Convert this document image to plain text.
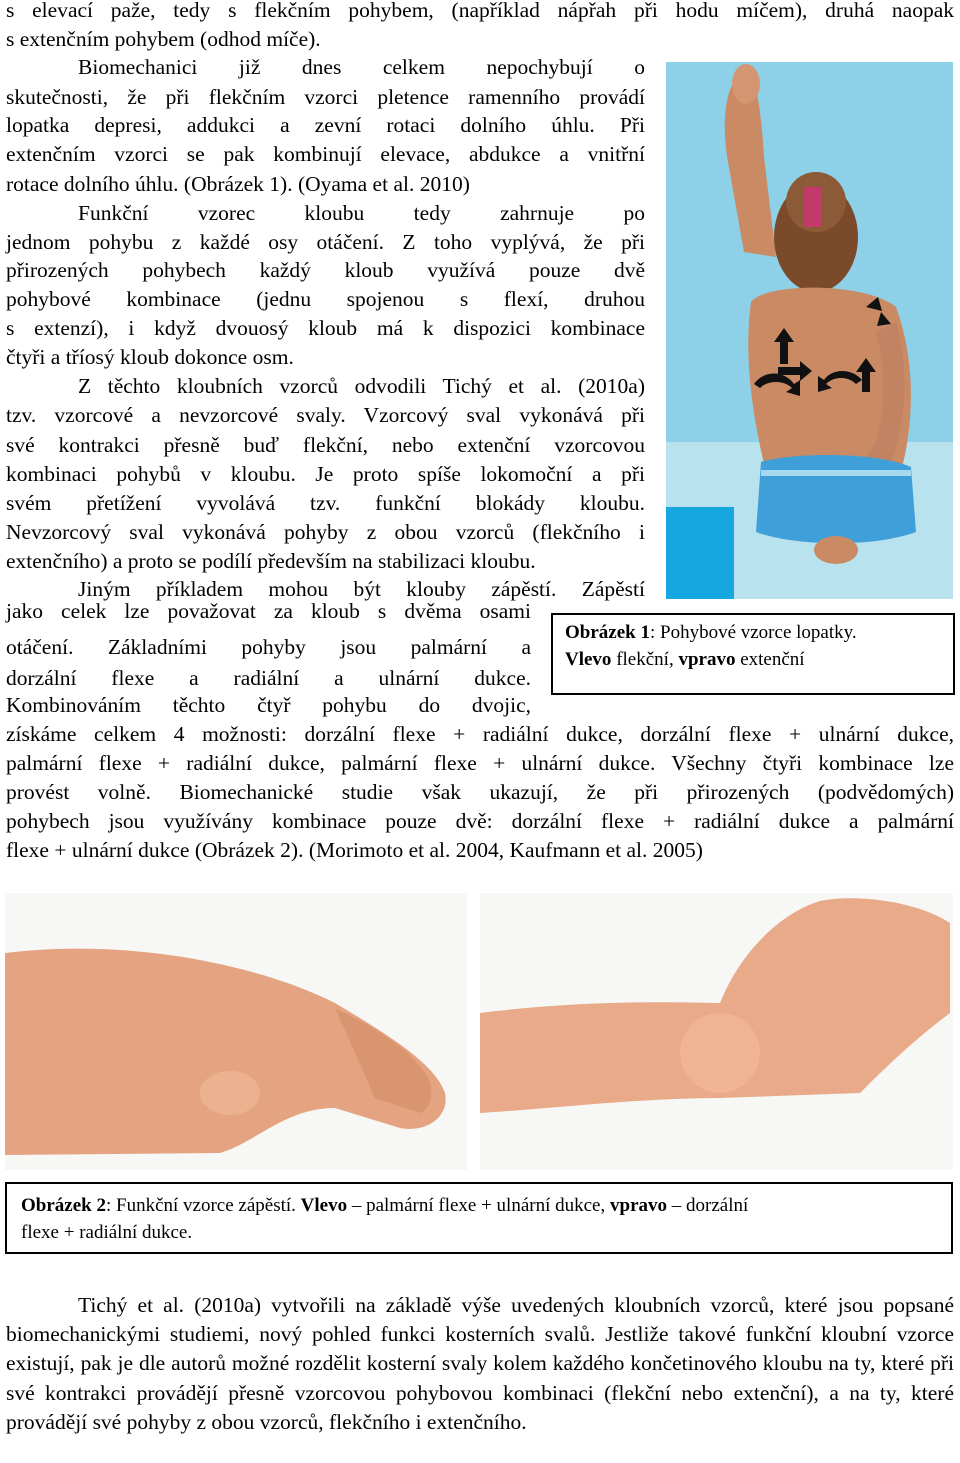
s elevací paže, tedy s flekčním pohybem, (například nápřah při hodu míčem), druhá naopak
s extenčním pohybem (odhod míče).
Biomechanici již dnes celkem nepochybují o
skutečnosti, že při flekčním vzorci pletence ramenního provádí
lopatka depresi, addukci a zevní rotaci dolního úhlu. Při
extenčním vzorci se pak kombinují elevace, abdukce a vnitřní
rotace dolního úhlu. (Obrázek 1). (Oyama et al. 2010)
Funkční vzorec kloubu tedy zahrnuje po
jednom pohybu z každé osy otáčení. Z toho vyplývá, že při
přirozených pohybech každý kloub využívá pouze dvě
pohybové kombinace (jednu spojenou s flexí, druhou
s extenzí), i když dvouosý kloub má k dispozici kombinace
čtyři a tříosý kloub dokonce osm.
Z těchto kloubních vzorců odvodili Tichý et al. (2010a)
tzv. vzorcové a nevzorcové svaly. Vzorcový sval vykonává při
své kontrakci přesně buď flekční, nebo extenční vzorcovou
kombinaci pohybů v kloubu. Je proto spíše lokomoční a při
svém přetížení vyvolává tzv. funkční blokády kloubu.
Nevzorcový sval vykonává pohyby z obou vzorců (flekčního i
extenčního) a proto se podílí především na stabilizaci kloubu.
Jiným příkladem mohou být klouby zápěstí. Zápěstí
jako celek lze považovat za kloub s dvěma osami
otáčení. Základními pohyby jsou palmární a
dorzální flexe a radiální a ulnární dukce.
Kombinováním těchto čtyř pohybu do dvojic,
Obrázek 1: Pohybové vzorce lopatky.
Vlevo flekční, vpravo extenční
získáme celkem 4 možnosti: dorzální flexe + radiální dukce, dorzální flexe + ulnární dukce,
palmární flexe + radiální dukce, palmární flexe + ulnární dukce. Všechny čtyři kombinace lze
provést volně. Biomechanické studie však ukazují, že při přirozených (podvědomých)
pohybech jsou využívány kombinace pouze dvě: dorzální flexe + radiální dukce a palmární
flexe + ulnární dukce (Obrázek 2). (Morimoto et al. 2004, Kaufmann et al. 2005)
Obrázek 2: Funkční vzorce zápěstí. Vlevo – palmární flexe + ulnární dukce, vpravo – dorzální
flexe + radiální dukce.
Tichý et al. (2010a) vytvořili na základě výše uvedených kloubních vzorců, které jsou popsané biomechanickými studiemi, nový pohled funkci kosterních svalů. Jestliže takové funkční kloubní vzorce existují, pak je dle autorů možné rozdělit kosterní svaly kolem každého končetinového kloubu na ty, které při své kontrakci provádějí přesně vzorcovou pohybovou kombinaci (flekční nebo extenční), a na ty, které provádějí své pohyby z obou vzorců, flekčního i extenčního.
